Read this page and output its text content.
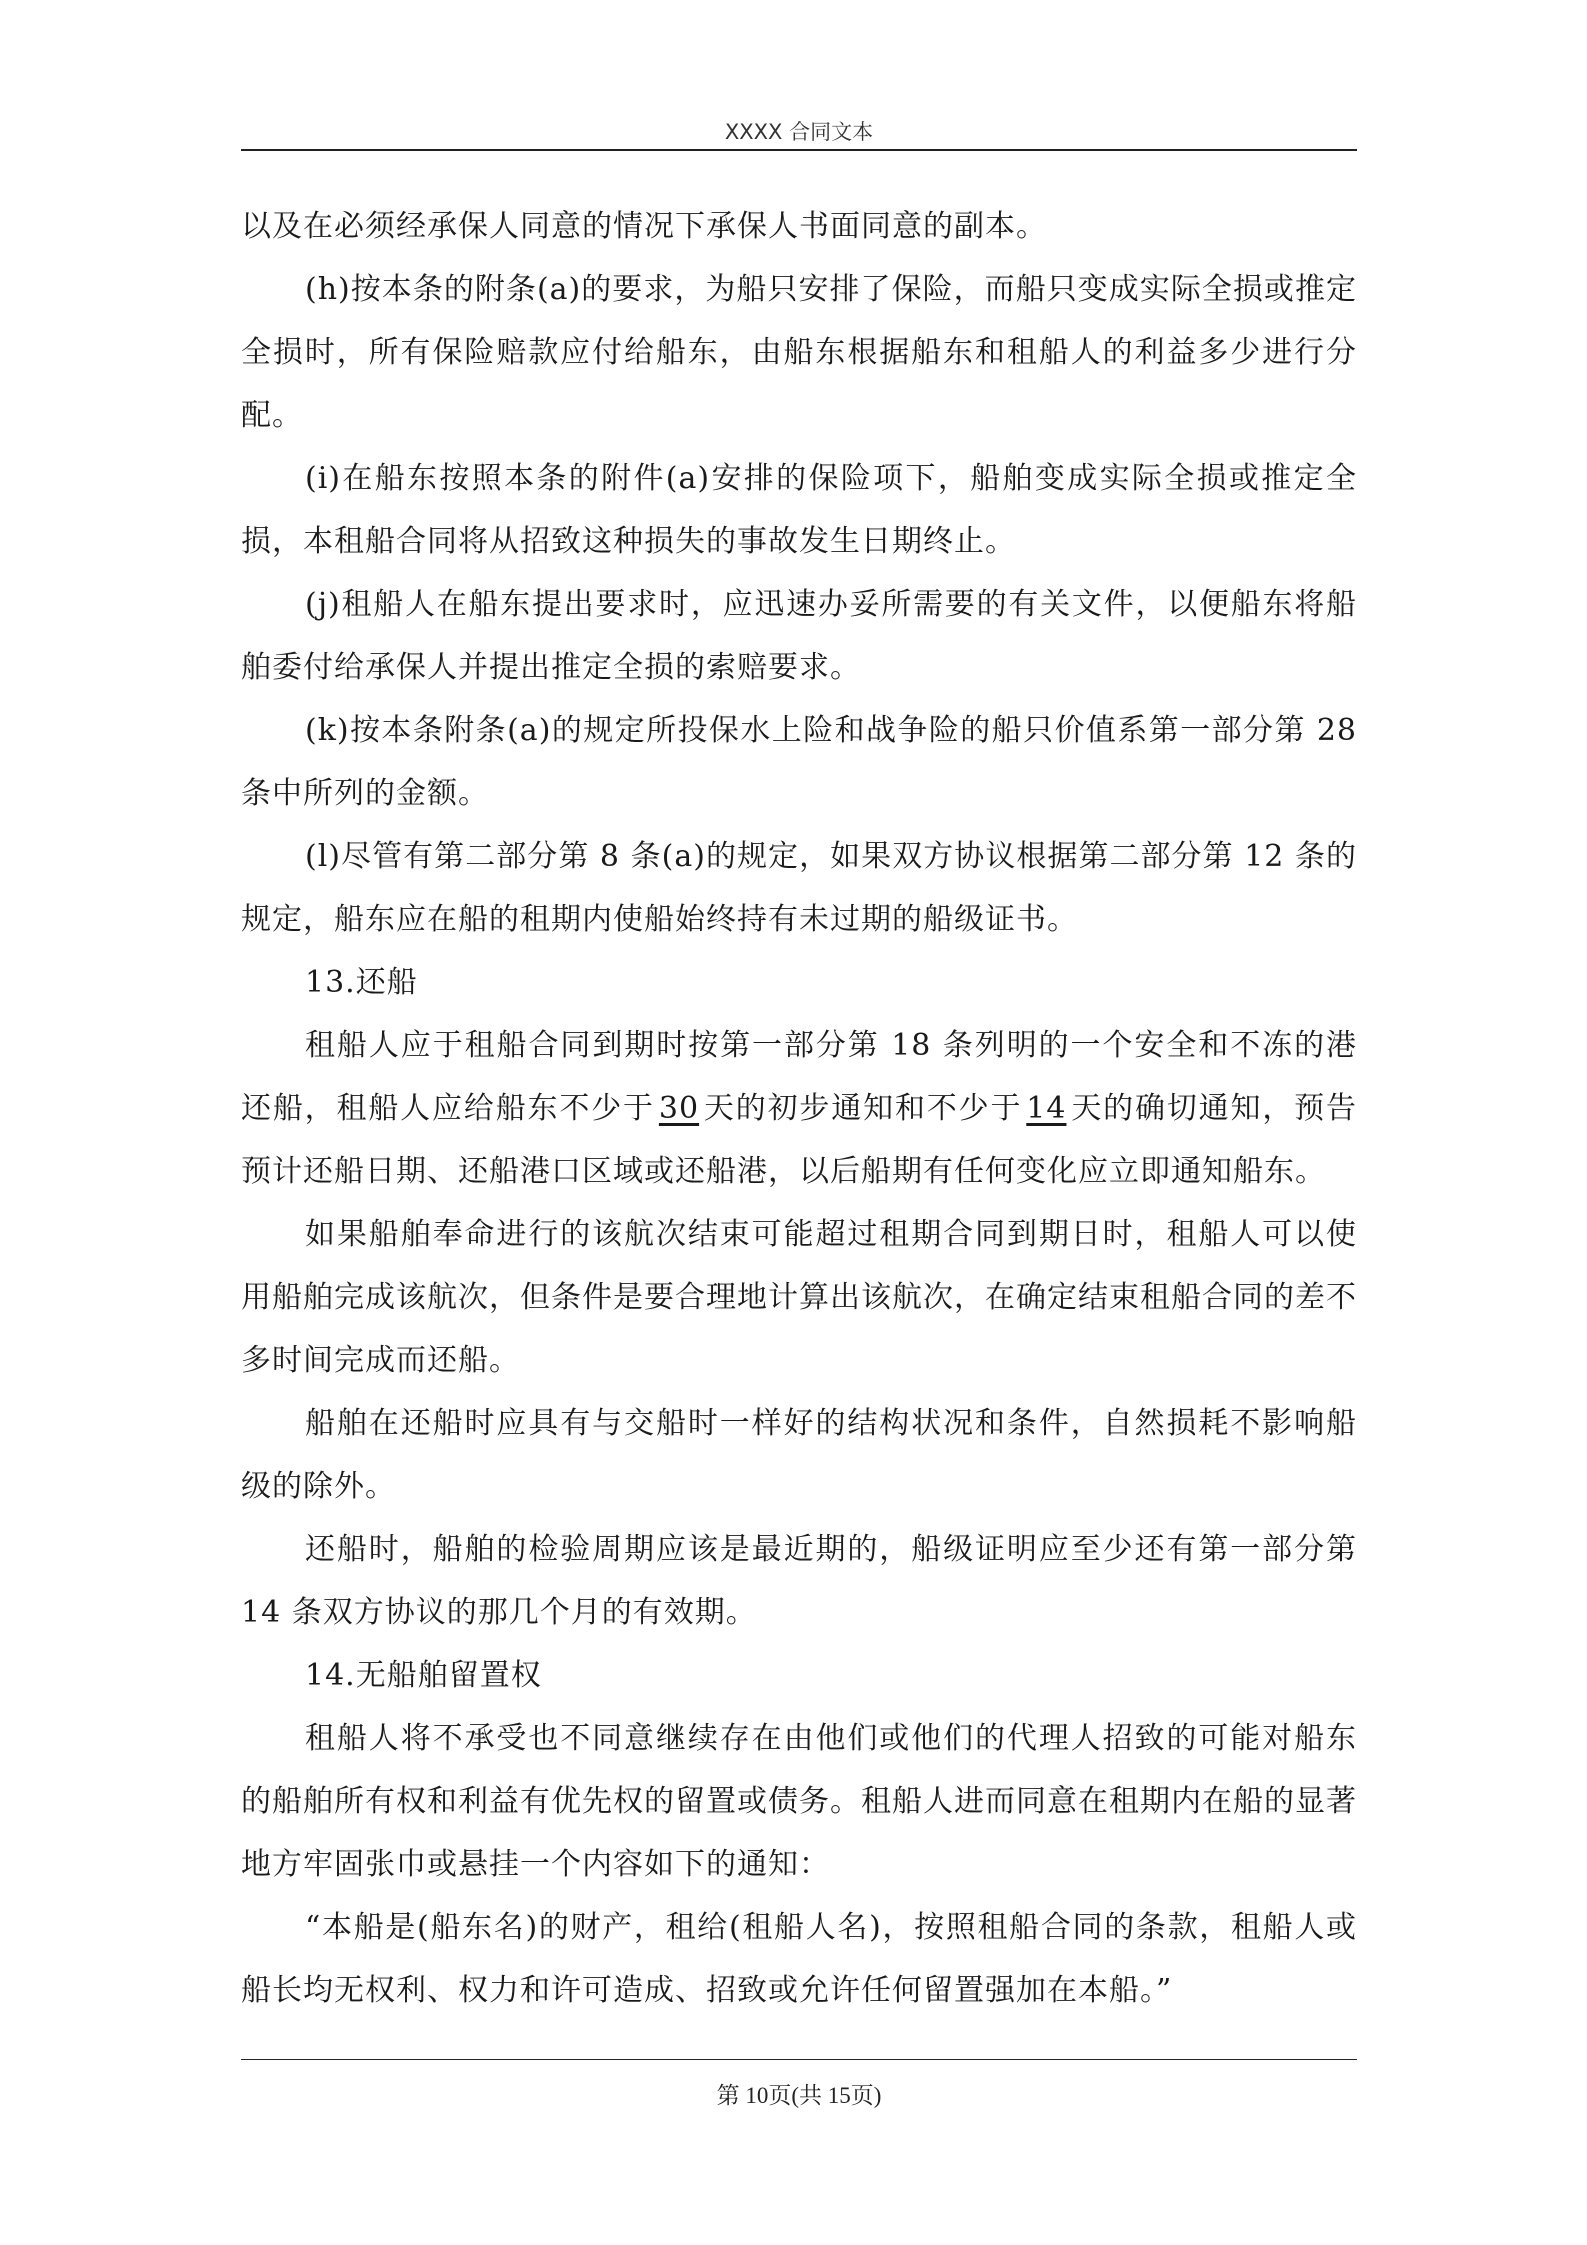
XXXX 合同文本

以及在必须经承保人同意的情况下承保人书面同意的副本。

(h)按本条的附条(a)的要求，为船只安排了保险，而船只变成实际全损或推定全损时，所有保险赔款应付给船东，由船东根据船东和租船人的利益多少进行分配。

(i)在船东按照本条的附件(a)安排的保险项下，船舶变成实际全损或推定全损，本租船合同将从招致这种损失的事故发生日期终止。

(j)租船人在船东提出要求时，应迅速办妥所需要的有关文件，以便船东将船舶委付给承保人并提出推定全损的索赔要求。

(k)按本条附条(a)的规定所投保水上险和战争险的船只价值系第一部分第 28 条中所列的金额。

(l)尽管有第二部分第 8 条(a)的规定，如果双方协议根据第二部分第 12 条的规定，船东应在船的租期内使船始终持有未过期的船级证书。

13.还船

租船人应于租船合同到期时按第一部分第 18 条列明的一个安全和不冻的港还船，租船人应给船东不少于 30 天的初步通知和不少于 14 天的确切通知，预告预计还船日期、还船港口区域或还船港，以后船期有任何变化应立即通知船东。

如果船舶奉命进行的该航次结束可能超过租期合同到期日时，租船人可以使用船舶完成该航次，但条件是要合理地计算出该航次，在确定结束租船合同的差不多时间完成而还船。

船舶在还船时应具有与交船时一样好的结构状况和条件，自然损耗不影响船级的除外。

还船时，船舶的检验周期应该是最近期的，船级证明应至少还有第一部分第 14 条双方协议的那几个月的有效期。

14.无船舶留置权

租船人将不承受也不同意继续存在由他们或他们的代理人招致的可能对船东的船舶所有权和利益有优先权的留置或债务。租船人进而同意在租期内在船的显著地方牢固张巾或悬挂一个内容如下的通知：

“本船是(船东名)的财产，租给(租船人名)，按照租船合同的条款，租船人或船长均无权利、权力和许可造成、招致或允许任何留置强加在本船。”

第 10页(共 15页)
